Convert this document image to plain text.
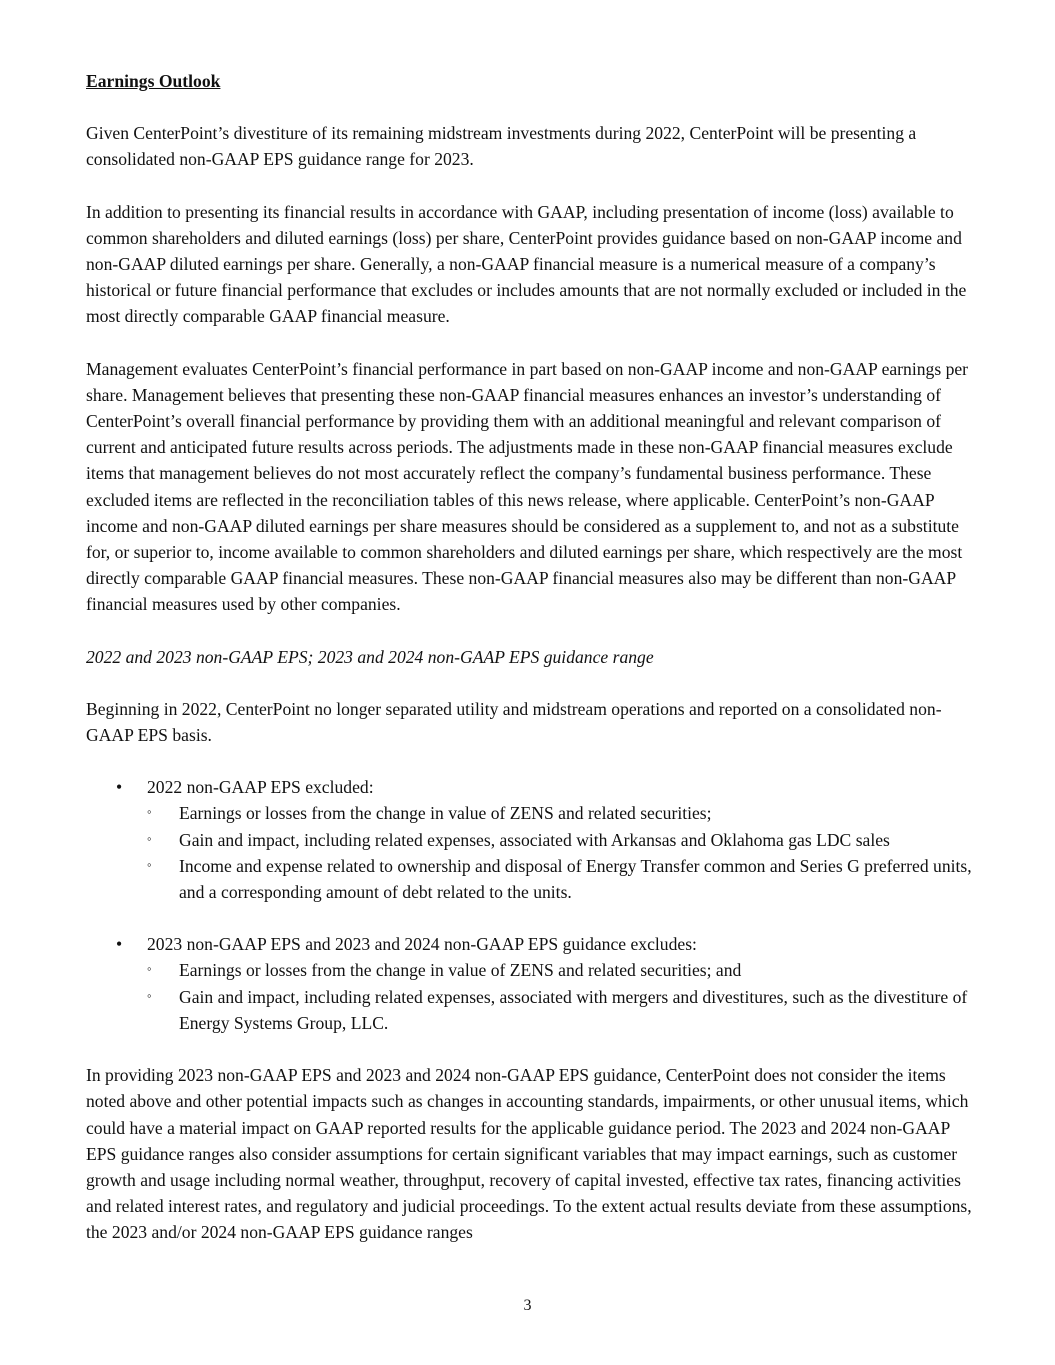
Earnings Outlook

Given CenterPoint’s divestiture of its remaining midstream investments during 2022, CenterPoint will be presenting a consolidated non-GAAP EPS guidance range for 2023.

In addition to presenting its financial results in accordance with GAAP, including presentation of income (loss) available to common shareholders and diluted earnings (loss) per share, CenterPoint provides guidance based on non-GAAP income and non-GAAP diluted earnings per share. Generally, a non-GAAP financial measure is a numerical measure of a company’s historical or future financial performance that excludes or includes amounts that are not normally excluded or included in the most directly comparable GAAP financial measure.

Management evaluates CenterPoint’s financial performance in part based on non-GAAP income and non-GAAP earnings per share. Management believes that presenting these non-GAAP financial measures enhances an investor’s understanding of CenterPoint’s overall financial performance by providing them with an additional meaningful and relevant comparison of current and anticipated future results across periods. The adjustments made in these non-GAAP financial measures exclude items that management believes do not most accurately reflect the company’s fundamental business performance. These excluded items are reflected in the reconciliation tables of this news release, where applicable. CenterPoint’s non-GAAP income and non-GAAP diluted earnings per share measures should be considered as a supplement to, and not as a substitute for, or superior to, income available to common shareholders and diluted earnings per share, which respectively are the most directly comparable GAAP financial measures. These non-GAAP financial measures also may be different than non-GAAP financial measures used by other companies.

2022 and 2023 non-GAAP EPS; 2023 and 2024 non-GAAP EPS guidance range

Beginning in 2022, CenterPoint no longer separated utility and midstream operations and reported on a consolidated non-GAAP EPS basis.

• 2022 non-GAAP EPS excluded:
◦ Earnings or losses from the change in value of ZENS and related securities;
◦ Gain and impact, including related expenses, associated with Arkansas and Oklahoma gas LDC sales
◦ Income and expense related to ownership and disposal of Energy Transfer common and Series G preferred units, and a corresponding amount of debt related to the units.
• 2023 non-GAAP EPS and 2023 and 2024 non-GAAP EPS guidance excludes:
◦ Earnings or losses from the change in value of ZENS and related securities; and
◦ Gain and impact, including related expenses, associated with mergers and divestitures, such as the divestiture of Energy Systems Group, LLC.

In providing 2023 non-GAAP EPS and 2023 and 2024 non-GAAP EPS guidance, CenterPoint does not consider the items noted above and other potential impacts such as changes in accounting standards, impairments, or other unusual items, which could have a material impact on GAAP reported results for the applicable guidance period. The 2023 and 2024 non-GAAP EPS guidance ranges also consider assumptions for certain significant variables that may impact earnings, such as customer growth and usage including normal weather, throughput, recovery of capital invested, effective tax rates, financing activities and related interest rates, and regulatory and judicial proceedings. To the extent actual results deviate from these assumptions, the 2023 and/or 2024 non-GAAP EPS guidance ranges

3
